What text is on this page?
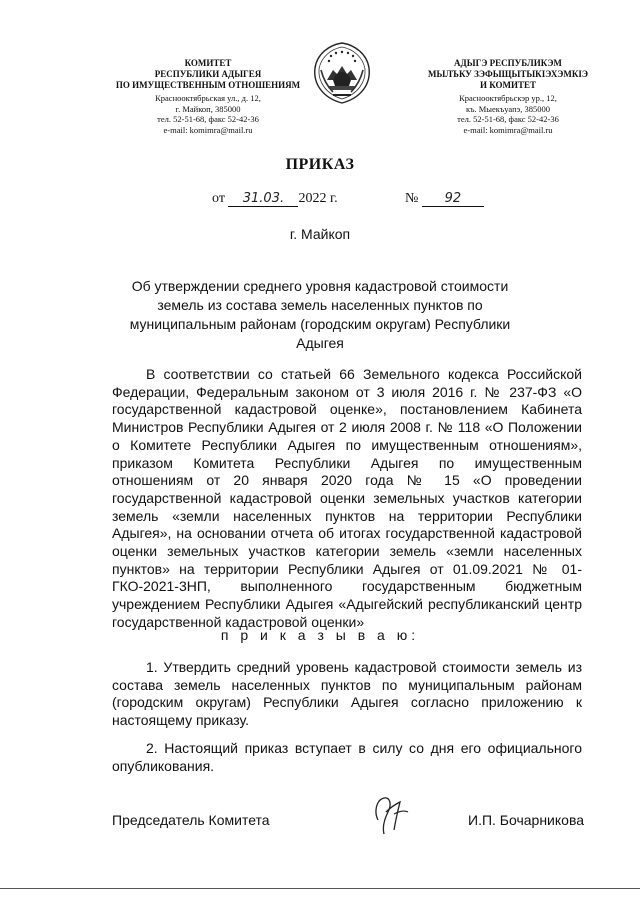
КОМИТЕТ
РЕСПУБЛИКИ АДЫГЕЯ
ПО ИМУЩЕСТВЕННЫМ ОТНОШЕНИЯМ
Краснооктябрьская ул., д. 12,
г. Майкоп, 385000
тел. 52-51-68, факс 52-42-36
e-mail: komimra@mail.ru
АДЫГЭ РЕСПУБЛИКЭМ
МЫЛЪКУ ЗЭФЫЩЫТЫКIЭХЭМКIЭ
И КОМИТЕТ
Краснооктябрьскэр ур., 12,
къ. Мыекъуапэ, 385000
тел. 52-51-68, факс 52-42-36
e-mail: komimra@mail.ru
ПРИКАЗ
от 31.03. 2022 г.	№ 92
г. Майкоп
Об утверждении среднего уровня кадастровой стоимости земель из состава земель населенных пунктов по муниципальным районам (городским округам) Республики Адыгея
В соответствии со статьей 66 Земельного кодекса Российской Федерации, Федеральным законом от 3 июля 2016 г. № 237-ФЗ «О государственной кадастровой оценке», постановлением Кабинета Министров Республики Адыгея от 2 июля 2008 г. № 118 «О Положении о Комитете Республики Адыгея по имущественным отношениям», приказом Комитета Республики Адыгея по имущественным отношениям от 20 января 2020 года № 15 «О проведении государственной кадастровой оценки земельных участков категории земель «земли населенных пунктов на территории Республики Адыгея», на основании отчета об итогах государственной кадастровой оценки земельных участков категории земель «земли населенных пунктов» на территории Республики Адыгея от 01.09.2021 № 01-ГКО-2021-3НП, выполненного государственным бюджетным учреждением Республики Адыгея «Адыгейский республиканский центр государственной кадастровой оценки»
п р и к а з ы в а ю:
1. Утвердить средний уровень кадастровой стоимости земель из состава земель населенных пунктов по муниципальным районам (городским округам) Республики Адыгея согласно приложению к настоящему приказу.
2. Настоящий приказ вступает в силу со дня его официального опубликования.
Председатель Комитета	И.П. Бочарникова
